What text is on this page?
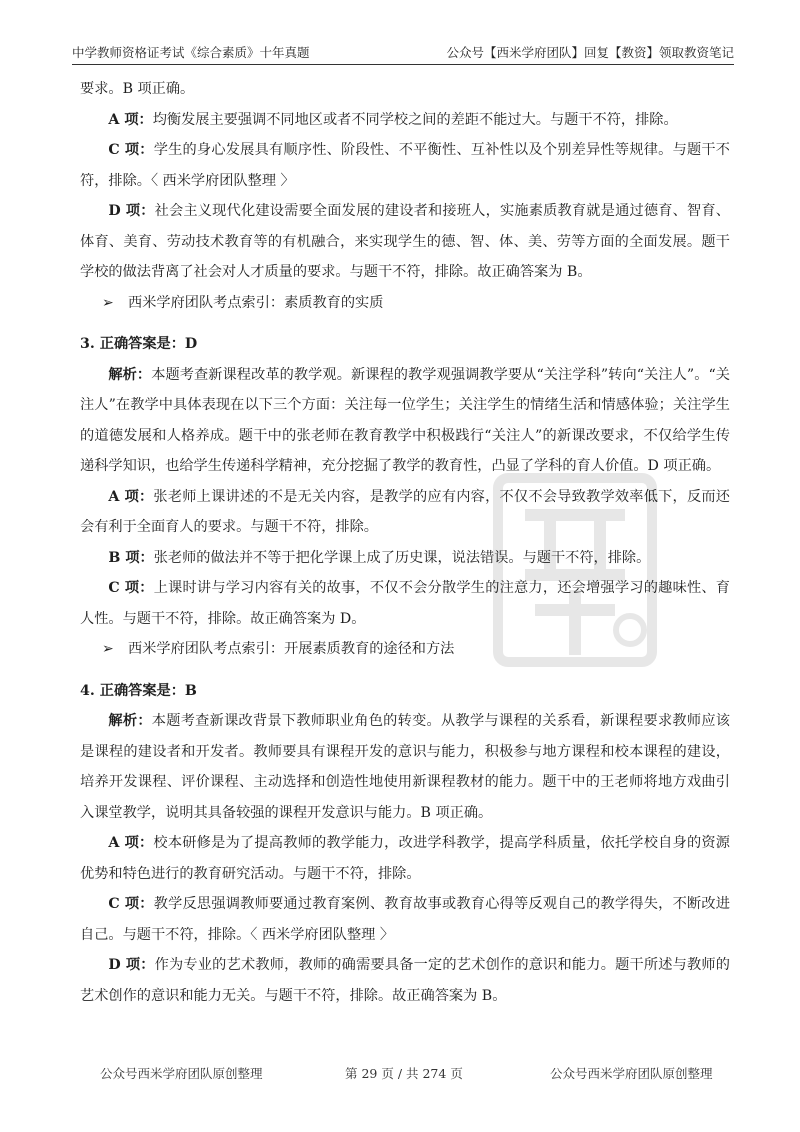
中学教师资格证考试《综合素质》十年真题	公众号【西米学府团队】回复【教资】领取教资笔记

要求。B 项正确。

A 项：均衡发展主要强调不同地区或者不同学校之间的差距不能过大。与题干不符，排除。

C 项：学生的身心发展具有顺序性、阶段性、不平衡性、互补性以及个别差异性等规律。与题干不符，排除。〈 西米学府团队整理 〉

D 项：社会主义现代化建设需要全面发展的建设者和接班人，实施素质教育就是通过德育、智育、体育、美育、劳动技术教育等的有机融合，来实现学生的德、智、体、美、劳等方面的全面发展。题干学校的做法背离了社会对人才质量的要求。与题干不符，排除。故正确答案为 B。

➢ 西米学府团队考点索引：素质教育的实质

3. 正确答案是：D

解析：本题考查新课程改革的教学观。新课程的教学观强调教学要从“关注学科”转向“关注人”。“关注人”在教学中具体表现在以下三个方面：关注每一位学生；关注学生的情绪生活和情感体验；关注学生的道德发展和人格养成。题干中的张老师在教育教学中积极践行“关注人”的新课改要求，不仅给学生传递科学知识，也给学生传递科学精神，充分挖掘了教学的教育性，凸显了学科的育人价值。D 项正确。

A 项：张老师上课讲述的不是无关内容，是教学的应有内容，不仅不会导致教学效率低下，反而还会有利于全面育人的要求。与题干不符，排除。

B 项：张老师的做法并不等于把化学课上成了历史课，说法错误。与题干不符，排除。

C 项：上课时讲与学习内容有关的故事，不仅不会分散学生的注意力，还会增强学习的趣味性、育人性。与题干不符，排除。故正确答案为 D。

➢ 西米学府团队考点索引：开展素质教育的途径和方法

4. 正确答案是：B

解析：本题考查新课改背景下教师职业角色的转变。从教学与课程的关系看，新课程要求教师应该是课程的建设者和开发者。教师要具有课程开发的意识与能力，积极参与地方课程和校本课程的建设，培养开发课程、评价课程、主动选择和创造性地使用新课程教材的能力。题干中的王老师将地方戏曲引入课堂教学，说明其具备较强的课程开发意识与能力。B 项正确。

A 项：校本研修是为了提高教师的教学能力，改进学科教学，提高学科质量，依托学校自身的资源优势和特色进行的教育研究活动。与题干不符，排除。

C 项：教学反思强调教师要通过教育案例、教育故事或教育心得等反观自己的教学得失，不断改进自己。与题干不符，排除。〈 西米学府团队整理 〉

D 项：作为专业的艺术教师，教师的确需要具备一定的艺术创作的意识和能力。题干所述与教师的艺术创作的意识和能力无关。与题干不符，排除。故正确答案为 B。

公众号西米学府团队原创整理	第 29 页 / 共 274 页	公众号西米学府团队原创整理
